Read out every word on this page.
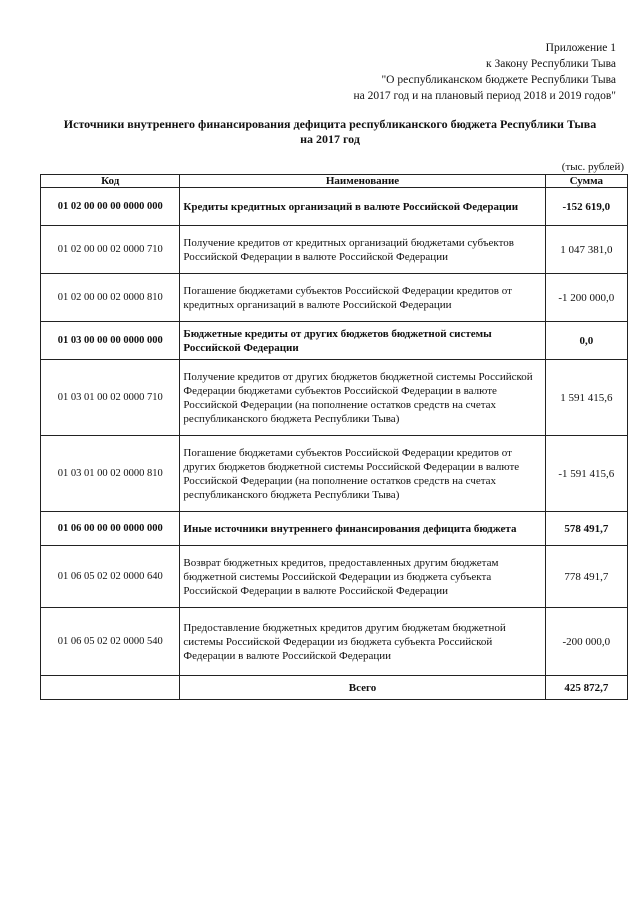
Приложение 1
к Закону Республики Тыва
"О республиканском бюджете Республики Тыва
на 2017 год и на плановый период 2018 и 2019 годов"
Источники внутреннего финансирования дефицита республиканского бюджета Республики Тыва
на 2017 год
(тыс. рублей)
Код	Наименование	Сумма
01 02 00 00 00 0000 000	Кредиты кредитных организаций в валюте Российской Федерации	-152 619,0
01 02 00 00 02 0000 710	Получение кредитов от кредитных организаций бюджетами субъектов Российской Федерации в валюте Российской Федерации	1 047 381,0
01 02 00 00 02 0000 810	Погашение бюджетами субъектов Российской Федерации кредитов от кредитных организаций в валюте Российской Федерации	-1 200 000,0
01 03 00 00 00 0000 000	Бюджетные кредиты от других бюджетов бюджетной системы Российской Федерации	0,0
01 03 01 00 02 0000 710	Получение кредитов от других бюджетов бюджетной системы Российской Федерации бюджетами субъектов Российской Федерации в валюте Российской Федерации (на пополнение остатков средств на счетах республиканского бюджета Республики Тыва)	1 591 415,6
01 03 01 00 02 0000 810	Погашение бюджетами субъектов Российской Федерации кредитов от других бюджетов бюджетной системы Российской Федерации в валюте Российской Федерации (на пополнение остатков средств на счетах республиканского бюджета Республики Тыва)	-1 591 415,6
01 06 00 00 00 0000 000	Иные источники внутреннего финансирования дефицита бюджета	578 491,7
01 06 05 02 02 0000 640	Возврат бюджетных кредитов, предоставленных другим бюджетам бюджетной системы Российской Федерации из бюджета субъекта Российской Федерации в валюте Российской Федерации	778 491,7
01 06 05 02 02 0000 540	Предоставление бюджетных кредитов другим бюджетам бюджетной системы Российской Федерации из бюджета субъекта Российской Федерации в валюте Российской Федерации	-200 000,0
	Всего	425 872,7
